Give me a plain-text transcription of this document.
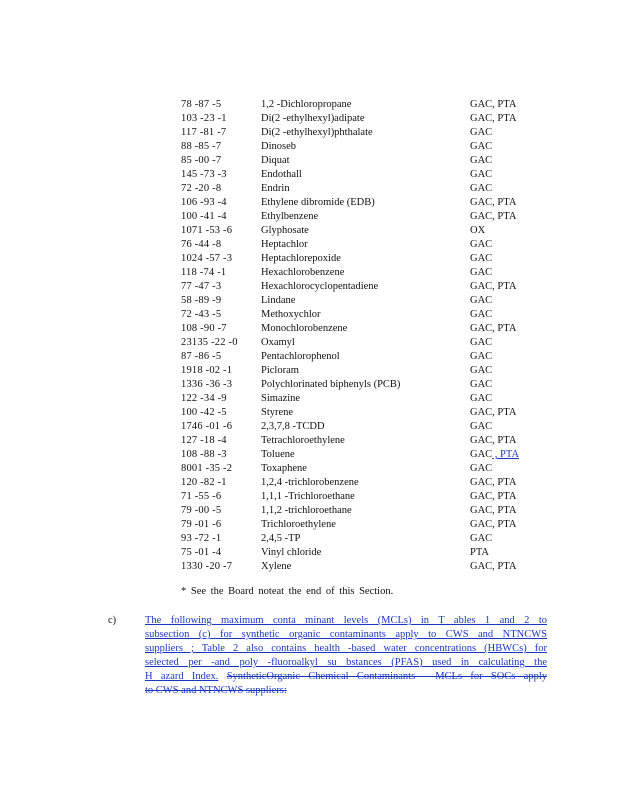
78 -87 -5	1,2 -Dichloropropane	GAC, PTA
103 -23 -1	Di(2 -ethylhexyl)adipate	GAC, PTA
117 -81 -7	Di(2 -ethylhexyl)phthalate	GAC
88 -85 -7	Dinoseb	GAC
85 -00 -7	Diquat	GAC
145 -73 -3	Endothall	GAC
72 -20 -8	Endrin	GAC
106 -93 -4	Ethylene dibromide (EDB)	GAC, PTA
100 -41 -4	Ethylbenzene	GAC, PTA
1071 -53 -6	Glyphosate	OX
76 -44 -8	Heptachlor	GAC
1024 -57 -3	Heptachlorepoxide	GAC
118 -74 -1	Hexachlorobenzene	GAC
77 -47 -3	Hexachlorocyclopentadiene	GAC, PTA
58 -89 -9	Lindane	GAC
72 -43 -5	Methoxychlor	GAC
108 -90 -7	Monochlorobenzene	GAC, PTA
23135 -22 -0 Oxamyl	GAC
87 -86 -5	Pentachlorophenol	GAC
1918 -02 -1	Picloram	GAC
1336 -36 -3	Polychlorinated biphenyls (PCB)	GAC
122 -34 -9	Simazine	GAC
100 -42 -5	Styrene	GAC, PTA
1746 -01 -6	2,3,7,8 -TCDD	GAC
127 -18 -4	Tetrachloroethylene	GAC, PTA
108 -88 -3	Toluene	GAC , PTA
8001 -35 -2	Toxaphene	GAC
120 -82 -1	1,2,4 -trichlorobenzene	GAC, PTA
71 -55 -6	1,1,1 -Trichloroethane	GAC, PTA
79 -00 -5	1,1,2 -trichloroethane	GAC, PTA
79 -01 -6	Trichloroethylene	GAC, PTA
93 -72 -1	2,4,5 -TP	GAC
75 -01 -4	Vinyl chloride	PTA
1330 -20 -7	Xylene	GAC, PTA
* See the Board noteat the end of this Section.
c)	The following maximum conta minant levels (MCLs) in T ables 1 and 2 to
subsection (c) for synthetic organic contaminants apply to CWS and NTNCWS
suppliers ; Table 2 also contains health -based water concentrations (HBWCs) for
selected per -and poly -fluoroalkyl su bstances (PFAS) used in calculating the
H azard Index. SyntheticOrganic Chemical Contaminants - MCLs for SOCs apply
to CWS and NTNCWS suppliers:
